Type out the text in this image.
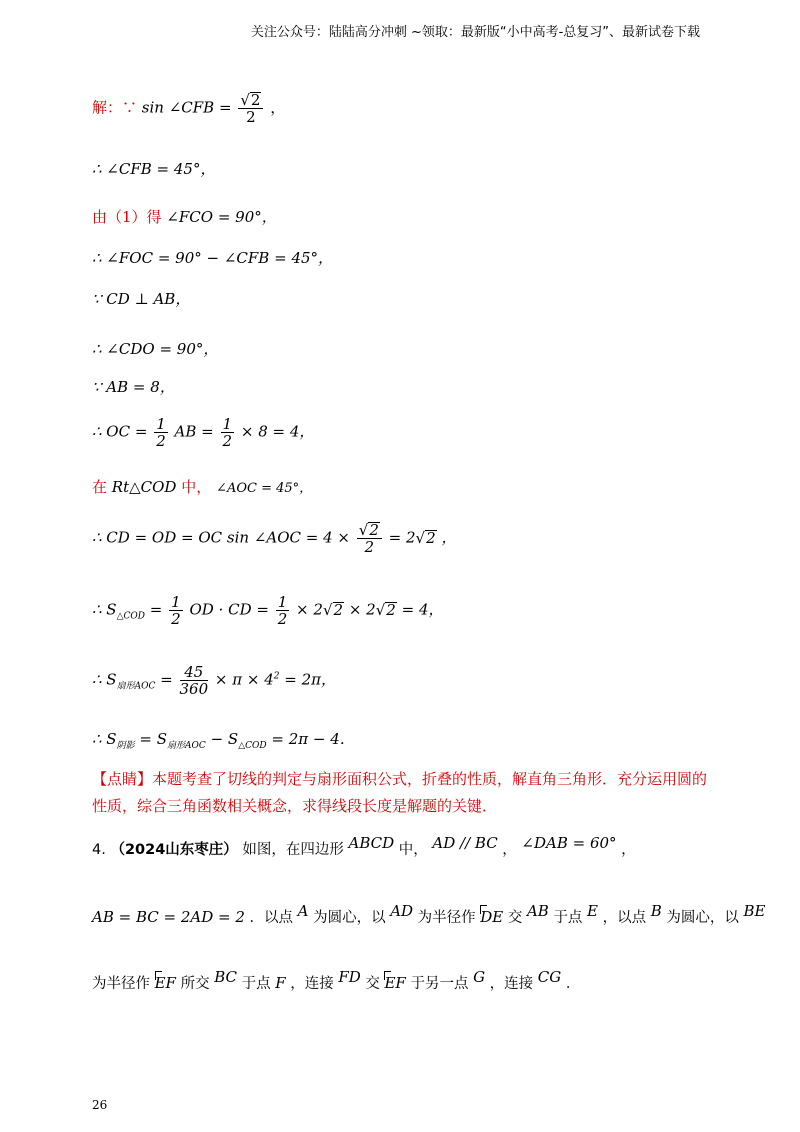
关注公众号：陆陆高分冲刺 ~领取：最新版“小中高考-总复习”、最新试卷下载
解：∵ sin ∠CFB = $\frac{√2}{2}$ ，
∴ ∠CFB = 45°，
由（1）得 ∠FCO = 90°，
∴ ∠FOC = 90° − ∠CFB = 45°，
∵ CD ⊥ AB，
∴ ∠CDO = 90°，
∵ AB = 8，
∴ OC = $\frac{1}{2}$ AB = $\frac{1}{2} \times 8 = 4$，
在 Rt△COD 中， ∠AOC = 45°，
∴ CD = OD = OC sin ∠AOC = $4 \times \frac{√2}{2} = 2√2$ ，
∴ $S_{\triangle COD} = \frac{1}{2}$ OD · CD = $\frac{1}{2} \times 2√2 \times 2√2 = 4$，
∴ $S_{扇形AOC} = \frac{45}{360} \times \pi \times 4^2 = 2\pi$，
∴ $S_{阴影} = S_{扇形AOC} - S_{\triangle COD} = 2\pi - 4$．
【点睛】本题考查了切线的判定与扇形面积公式，折叠的性质，解直角三角形．充分运用圆的性质，综合三角函数相关概念，求得线段长度是解题的关键．
4. （2024山东枣庄） 如图，在四边形 ABCD 中， AD // BC ， ∠DAB = 60° ，
AB = BC = 2AD = 2 ．以点 A 为圆心，以 AD 为半径作 DE 交 AB 于点 E ，以点 B 为圆心，以 BE
为半径作 EF 所交 BC 于点 F ，连接 FD 交 EF 于另一点 G ，连接 CG ．
26
